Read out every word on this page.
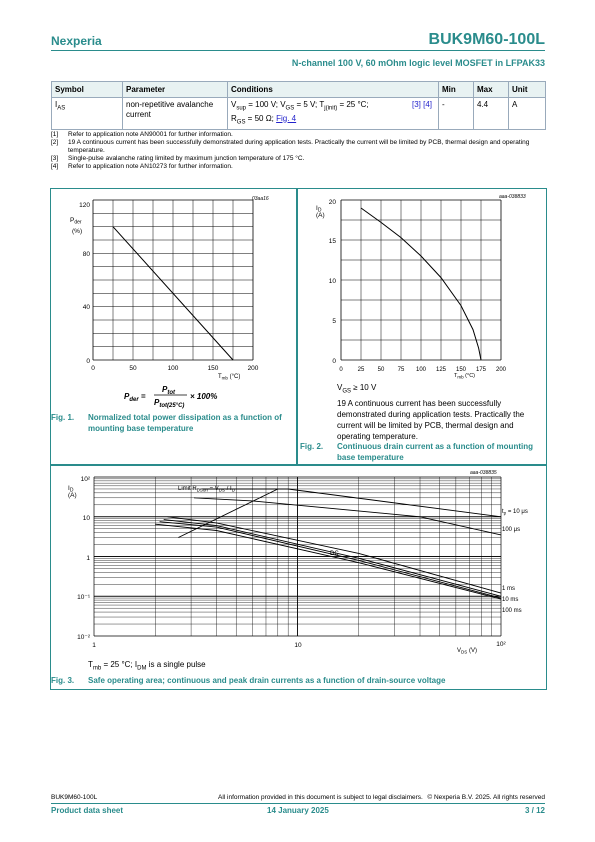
Nexperia	BUK9M60-100L
N-channel 100 V, 60 mOhm logic level MOSFET in LFPAK33
Symbol	Parameter	Conditions	Min	Max	Unit
$I_{AS}$	non-repetitive avalanche current	$V_{sup} = 100$ V; $V_{GS} = 5$ V; $T_{j(init)} = 25$ °C; [3] [4]

$R_{GS} = 50$ Ω; Fig. 4	-	4.4	A
[1] Refer to application note AN90001 for further information.
[2] 19 A continuous current has been successfully demonstrated during application tests. Practically the current will be limited by PCB, thermal design and operating temperature.
[3] Single-pulse avalanche rating limited by maximum junction temperature of 175 °C.
[4] Refer to application note AN10273 for further information.
03aa16
$P_{der}$
(%)
120
80
40
0
0	50	100	150	200
$T_{mb}$ (°C)
$P_{der}$ =
$P_{tot}$
$P_{tot(25^\circ C)}$
× 100%
Fig. 1. Normalized total power dissipation as a function of mounting base temperature
aaa-038833
$I_D$
(A)
20
15
10
5
0
0 25 50 75 100 125 150 175 200
$T_{mb}$ (°C)
$V_{GS} \ge 10$ V
19 A continuous current has been successfully demonstrated during application tests. Practically the current will be limited by PCB, thermal design and operating temperature.
Fig. 2. Continuous drain current as a function of mounting base temperature
aaa-038835
$I_D$
(A)
10²
10
1
10⁻¹
10⁻²
1	10	10²
$V_{DS}$ (V)
Limit $R_{DSon} = V_{DS} / I_D$
DC
$t_p = 10$ μs
100 μs
1 ms
10 ms
100 ms
$T_{mb} = 25$ °C; $I_{DM}$ is a single pulse
Fig. 3. Safe operating area; continuous and peak drain currents as a function of drain-source voltage
BUK9M60-100L	All information provided in this document is subject to legal disclaimers. © Nexperia B.V. 2025. All rights reserved
Product data sheet	14 January 2025	3 / 12
